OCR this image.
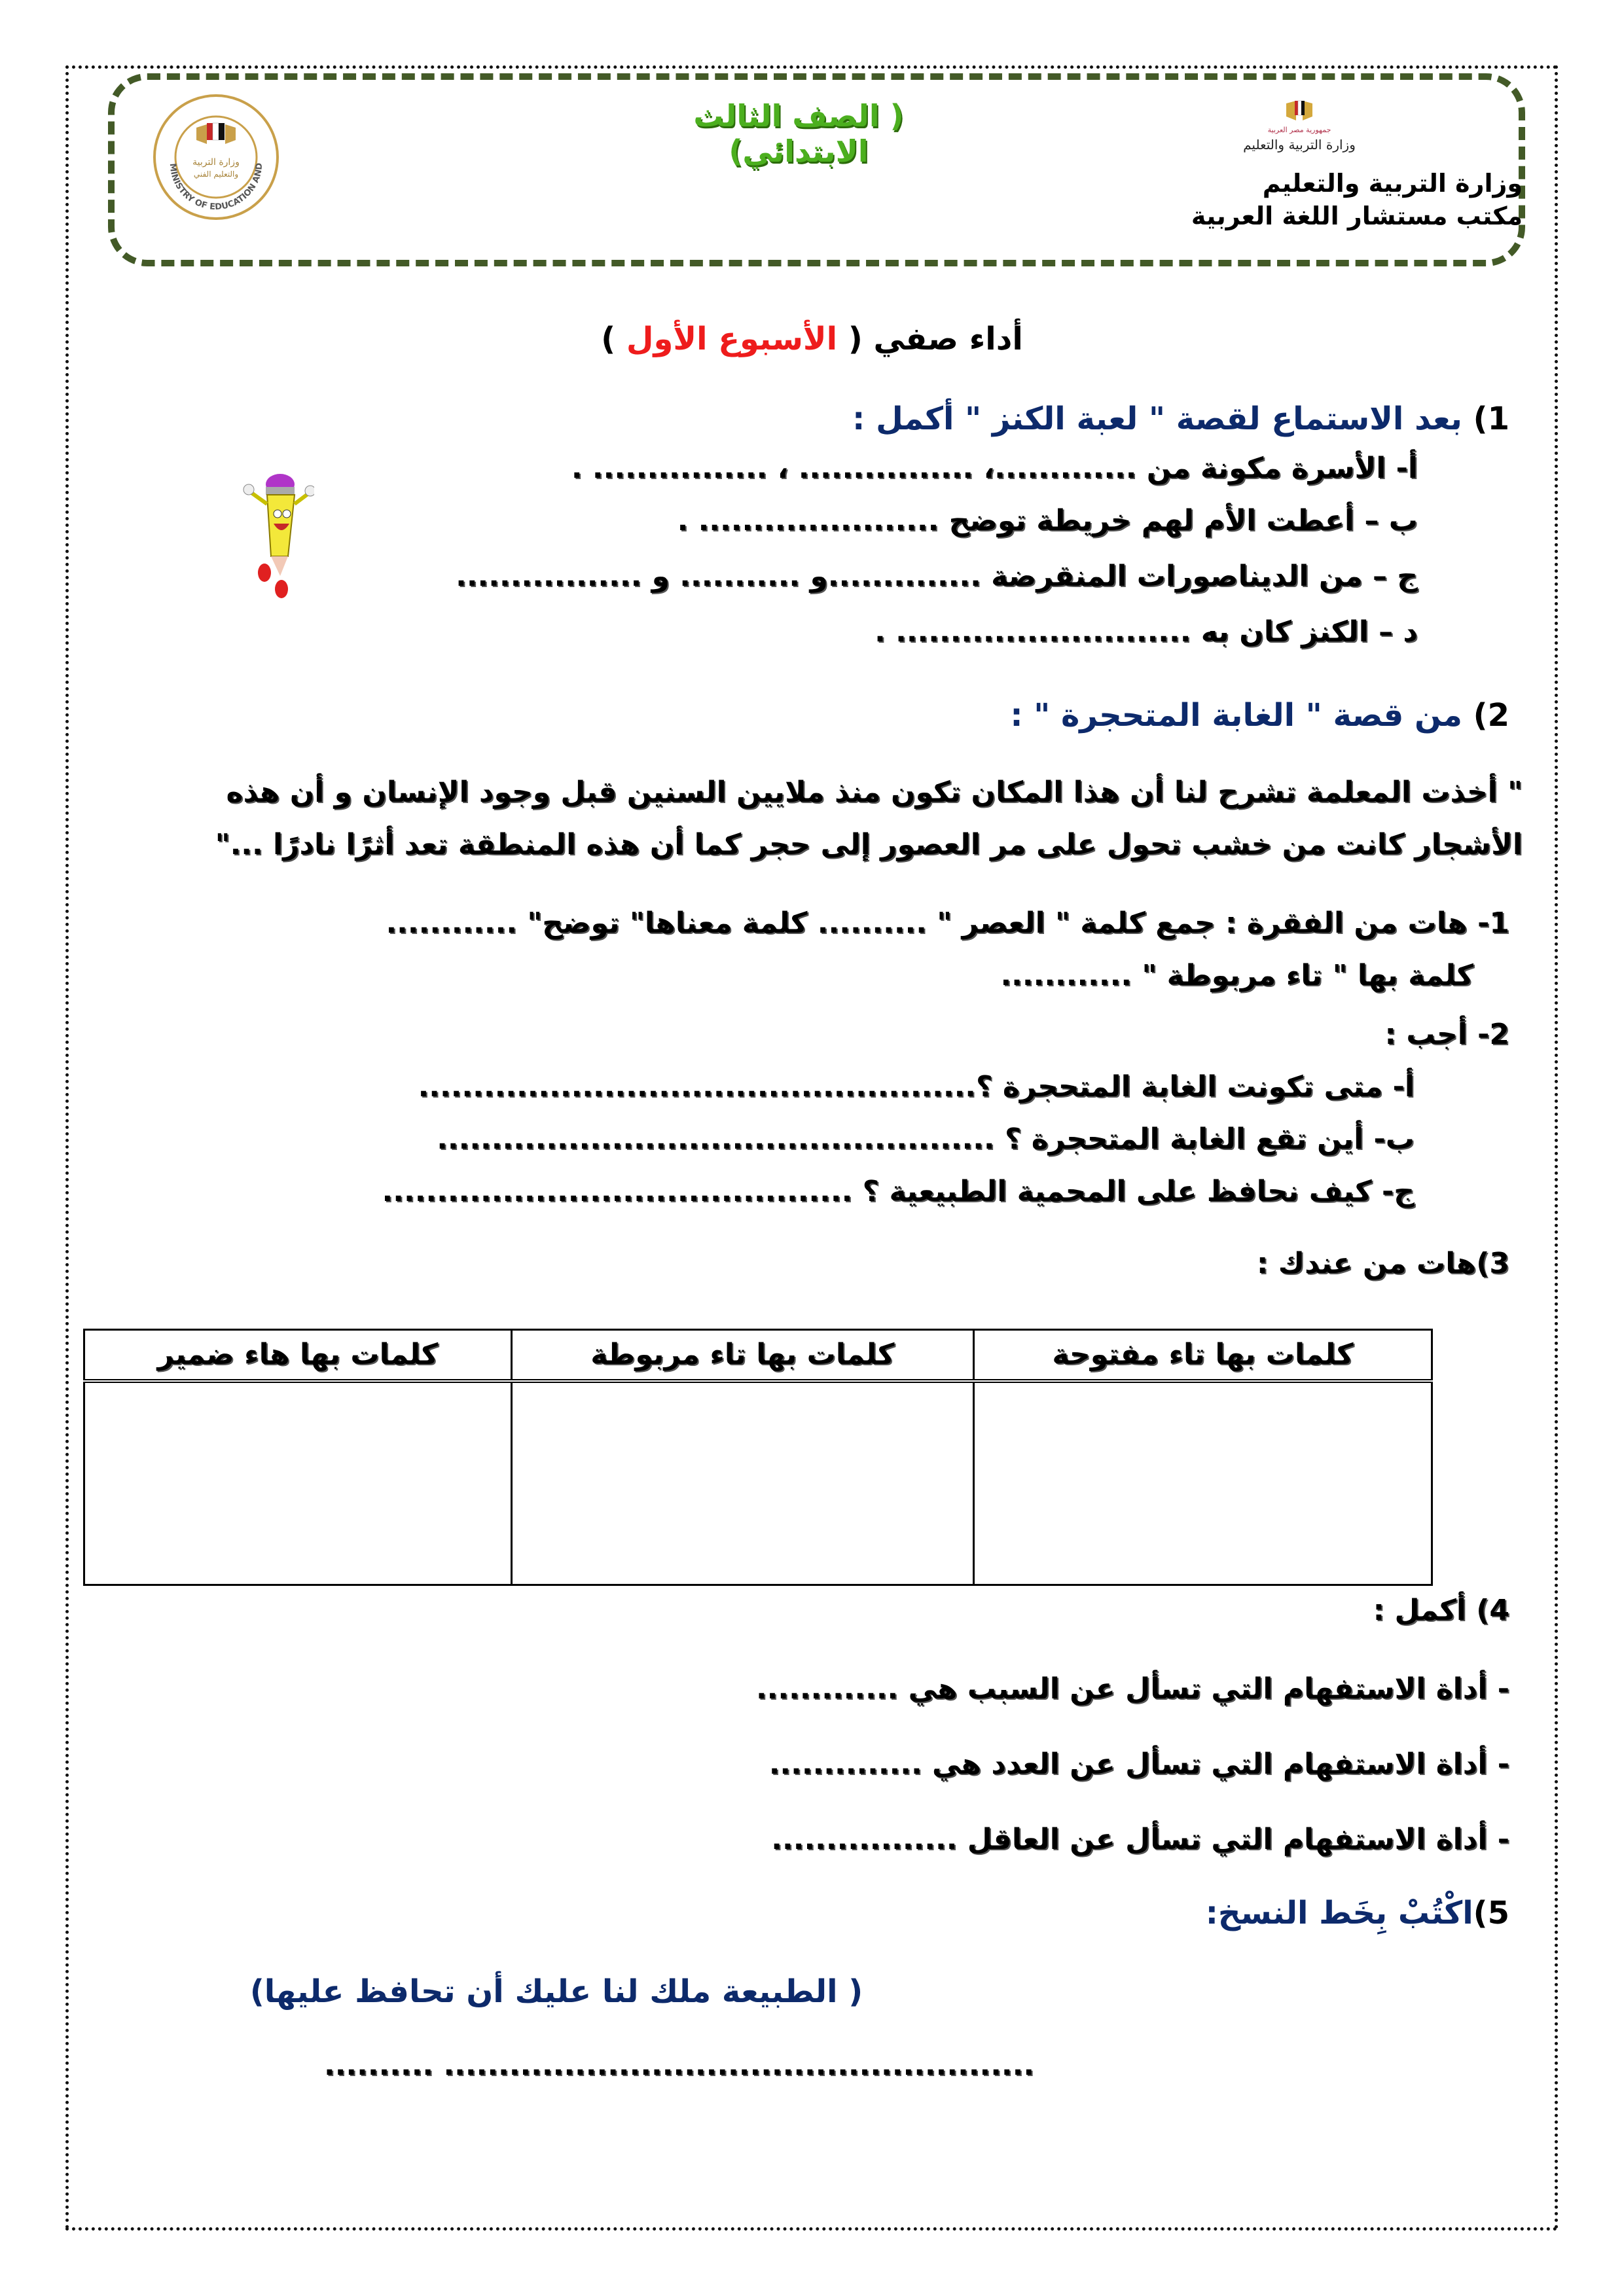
وزارة التربية
والتعليم الفني
MINISTRY OF EDUCATION AND
( الصف الثالث الابتدائي)
جمهورية مصر العربية
وزارة التربية والتعليم
وزارة التربية والتعليم
مكتب مستشار اللغة العربية
أداء صفي ( الأسبوع الأول )
1) بعد الاستماع لقصة " لعبة الكنز " أكمل :
أ- الأسرة مكونة من .............، ................ ، ................ .
ب – أعطت الأم لهم خريطة توضح ...................... .
ج – من الديناصورات المنقرضة ..............و ........... و .................
د – الكنز كان به ........................... .
2) من قصة " الغابة المتحجرة " :
" أخذت المعلمة تشرح لنا أن هذا المكان تكون منذ ملايين السنين قبل وجود الإنسان و أن هذه
الأشجار كانت من خشب تحول على مر العصور إلى حجر كما أن هذه المنطقة تعد أثرًا نادرًا ..."
1- هات من الفقرة : جمع كلمة " العصر " .......... كلمة معناها" توضح" ............
كلمة بها " تاء مربوطة " ............
2- أجب :
أ- متى تكونت الغابة المتحجرة ؟...................................................
ب- أين تقع الغابة المتحجرة ؟ ...................................................
ج- كيف نحافظ على المحمية الطبيعية ؟ ...........................................
3)هات من عندك :
كلمات بها تاء مفتوحة	كلمات بها تاء مربوطة	كلمات بها هاء ضمير

4) أكمل :
- أداة الاستفهام التي تسأل عن السبب هي .............
- أداة الاستفهام التي تسأل عن العدد هي ..............
- أداة الاستفهام التي تسأل عن العاقل .................
5)اكْتُبْ بِخَط النسخ:
( الطبيعة ملك لنا عليك أن تحافظ عليها)
...................................................... ..........
